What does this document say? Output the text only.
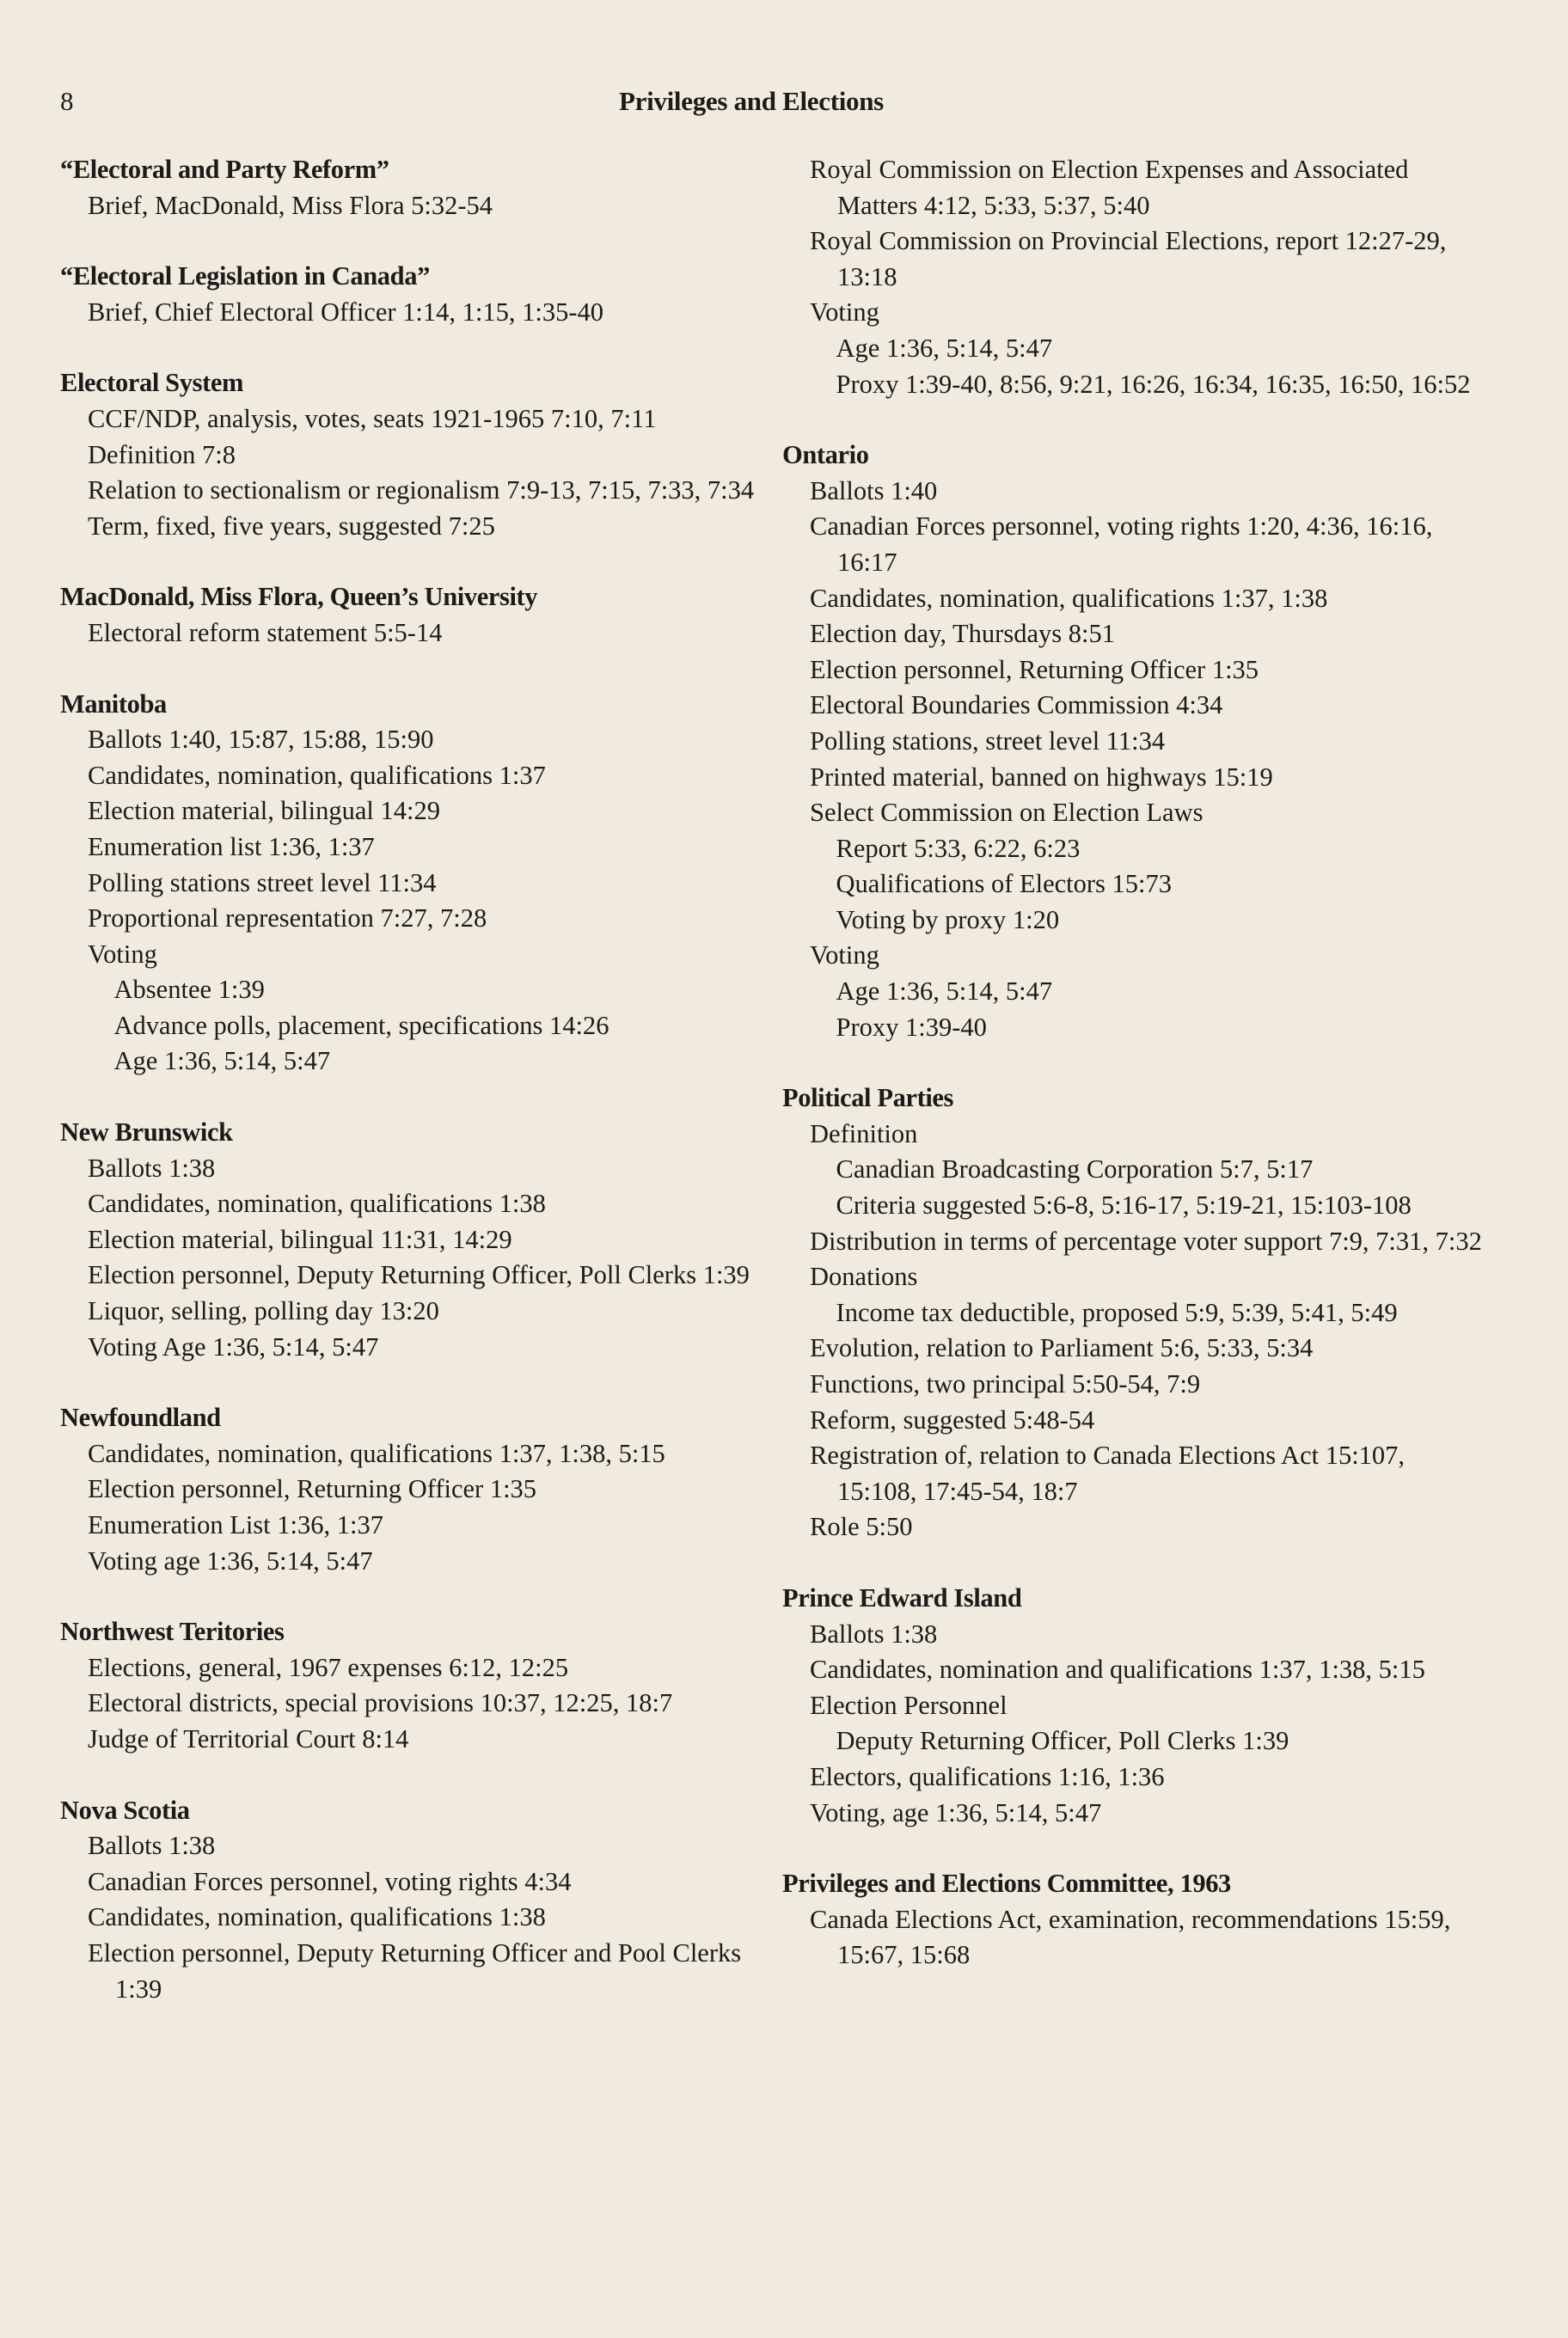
8	Privileges and Elections
“Electoral and Party Reform”
Brief, MacDonald, Miss Flora 5:32-54
“Electoral Legislation in Canada”
Brief, Chief Electoral Officer 1:14, 1:15, 1:35-40
Electoral System
CCF/NDP, analysis, votes, seats 1921-1965 7:10, 7:11
Definition 7:8
Relation to sectionalism or regionalism 7:9-13, 7:15, 7:33, 7:34
Term, fixed, five years, suggested 7:25
MacDonald, Miss Flora, Queen’s University
Electoral reform statement 5:5-14
Manitoba
Ballots 1:40, 15:87, 15:88, 15:90
Candidates, nomination, qualifications 1:37
Election material, bilingual 14:29
Enumeration list 1:36, 1:37
Polling stations street level 11:34
Proportional representation 7:27, 7:28
Voting
Absentee 1:39
Advance polls, placement, specifications 14:26
Age 1:36, 5:14, 5:47
New Brunswick
Ballots 1:38
Candidates, nomination, qualifications 1:38
Election material, bilingual 11:31, 14:29
Election personnel, Deputy Returning Officer, Poll Clerks 1:39
Liquor, selling, polling day 13:20
Voting Age 1:36, 5:14, 5:47
Newfoundland
Candidates, nomination, qualifications 1:37, 1:38, 5:15
Election personnel, Returning Officer 1:35
Enumeration List 1:36, 1:37
Voting age 1:36, 5:14, 5:47
Northwest Teritories
Elections, general, 1967 expenses 6:12, 12:25
Electoral districts, special provisions 10:37, 12:25, 18:7
Judge of Territorial Court 8:14
Nova Scotia
Ballots 1:38
Canadian Forces personnel, voting rights 4:34
Candidates, nomination, qualifications 1:38
Election personnel, Deputy Returning Officer and Pool Clerks 1:39
Royal Commission on Election Expenses and Associated Matters 4:12, 5:33, 5:37, 5:40
Royal Commission on Provincial Elections, report 12:27-29, 13:18
Voting
Age 1:36, 5:14, 5:47
Proxy 1:39-40, 8:56, 9:21, 16:26, 16:34, 16:35, 16:50, 16:52
Ontario
Ballots 1:40
Canadian Forces personnel, voting rights 1:20, 4:36, 16:16, 16:17
Candidates, nomination, qualifications 1:37, 1:38
Election day, Thursdays 8:51
Election personnel, Returning Officer 1:35
Electoral Boundaries Commission 4:34
Polling stations, street level 11:34
Printed material, banned on highways 15:19
Select Commission on Election Laws
Report 5:33, 6:22, 6:23
Qualifications of Electors 15:73
Voting by proxy 1:20
Voting
Age 1:36, 5:14, 5:47
Proxy 1:39-40
Political Parties
Definition
Canadian Broadcasting Corporation 5:7, 5:17
Criteria suggested 5:6-8, 5:16-17, 5:19-21, 15:103-108
Distribution in terms of percentage voter support 7:9, 7:31, 7:32
Donations
Income tax deductible, proposed 5:9, 5:39, 5:41, 5:49
Evolution, relation to Parliament 5:6, 5:33, 5:34
Functions, two principal 5:50-54, 7:9
Reform, suggested 5:48-54
Registration of, relation to Canada Elections Act 15:107, 15:108, 17:45-54, 18:7
Role 5:50
Prince Edward Island
Ballots 1:38
Candidates, nomination and qualifications 1:37, 1:38, 5:15
Election Personnel
Deputy Returning Officer, Poll Clerks 1:39
Electors, qualifications 1:16, 1:36
Voting, age 1:36, 5:14, 5:47
Privileges and Elections Committee, 1963
Canada Elections Act, examination, recommendations 15:59, 15:67, 15:68
